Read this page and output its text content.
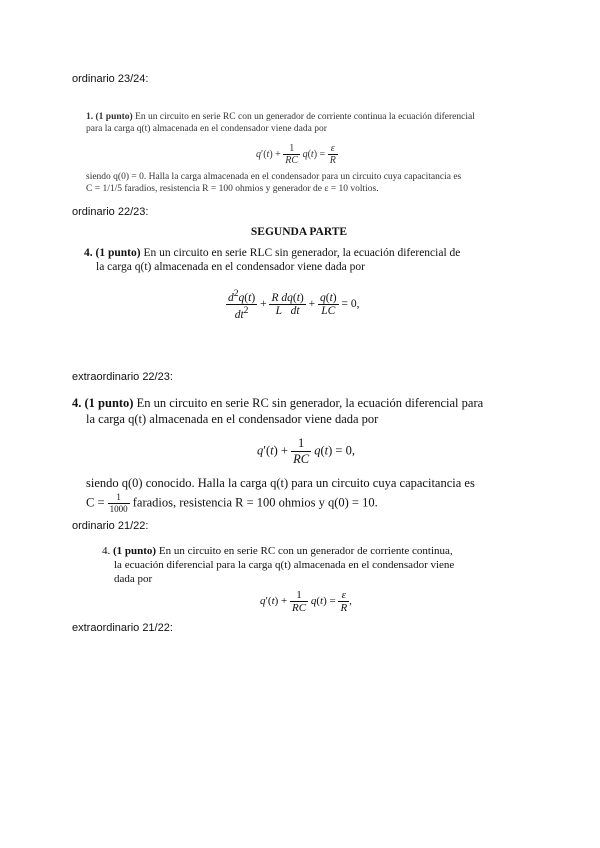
ordinario 23/24:
ordinario 22/23:
extraordinario 22/23:
ordinario 21/22:
extraordinario 21/22:

1. (1 punto) En un circuito en serie RC con un generador de corriente continua la ecuación diferencial
para la carga q(t) almacenada en el condensador viene dada por

$q'(t) + \frac{1}{RC} q(t) = \frac{\varepsilon}{R}$

siendo q(0) = 0. Halla la carga almacenada en el condensador para un circuito cuya capacitancia es
C = 1/1/5 faradios, resistencia R = 100 ohmios y generador de ε = 10 voltios.

SEGUNDA PARTE

4. (1 punto) En un circuito en serie RLC sin generador, la ecuación diferencial de
la carga q(t) almacenada en el condensador viene dada por

$\frac{d^2q(t)}{dt^2} + \frac{\text{R dq(t)}}{\text{L dt}} + \frac{q(t)}{LC} = 0$,

4. (1 punto) En un circuito en serie RC sin generador, la ecuación diferencial para
la carga q(t) almacenada en el condensador viene dada por

$q'(t) + \frac{1}{RC} q(t) = 0$,

siendo q(0) conocido. Halla la carga q(t) para un circuito cuya capacitancia es
$C = \frac{1}{1000}$ faradios, resistencia R = 100 ohmios y q(0) = 10.

4. (1 punto) En un circuito en serie RC con un generador de corriente continua,
la ecuación diferencial para la carga q(t) almacenada en el condensador viene
dada por

$q'(t) + \frac{1}{RC} q(t) = \frac{\varepsilon}{R}$ ,
